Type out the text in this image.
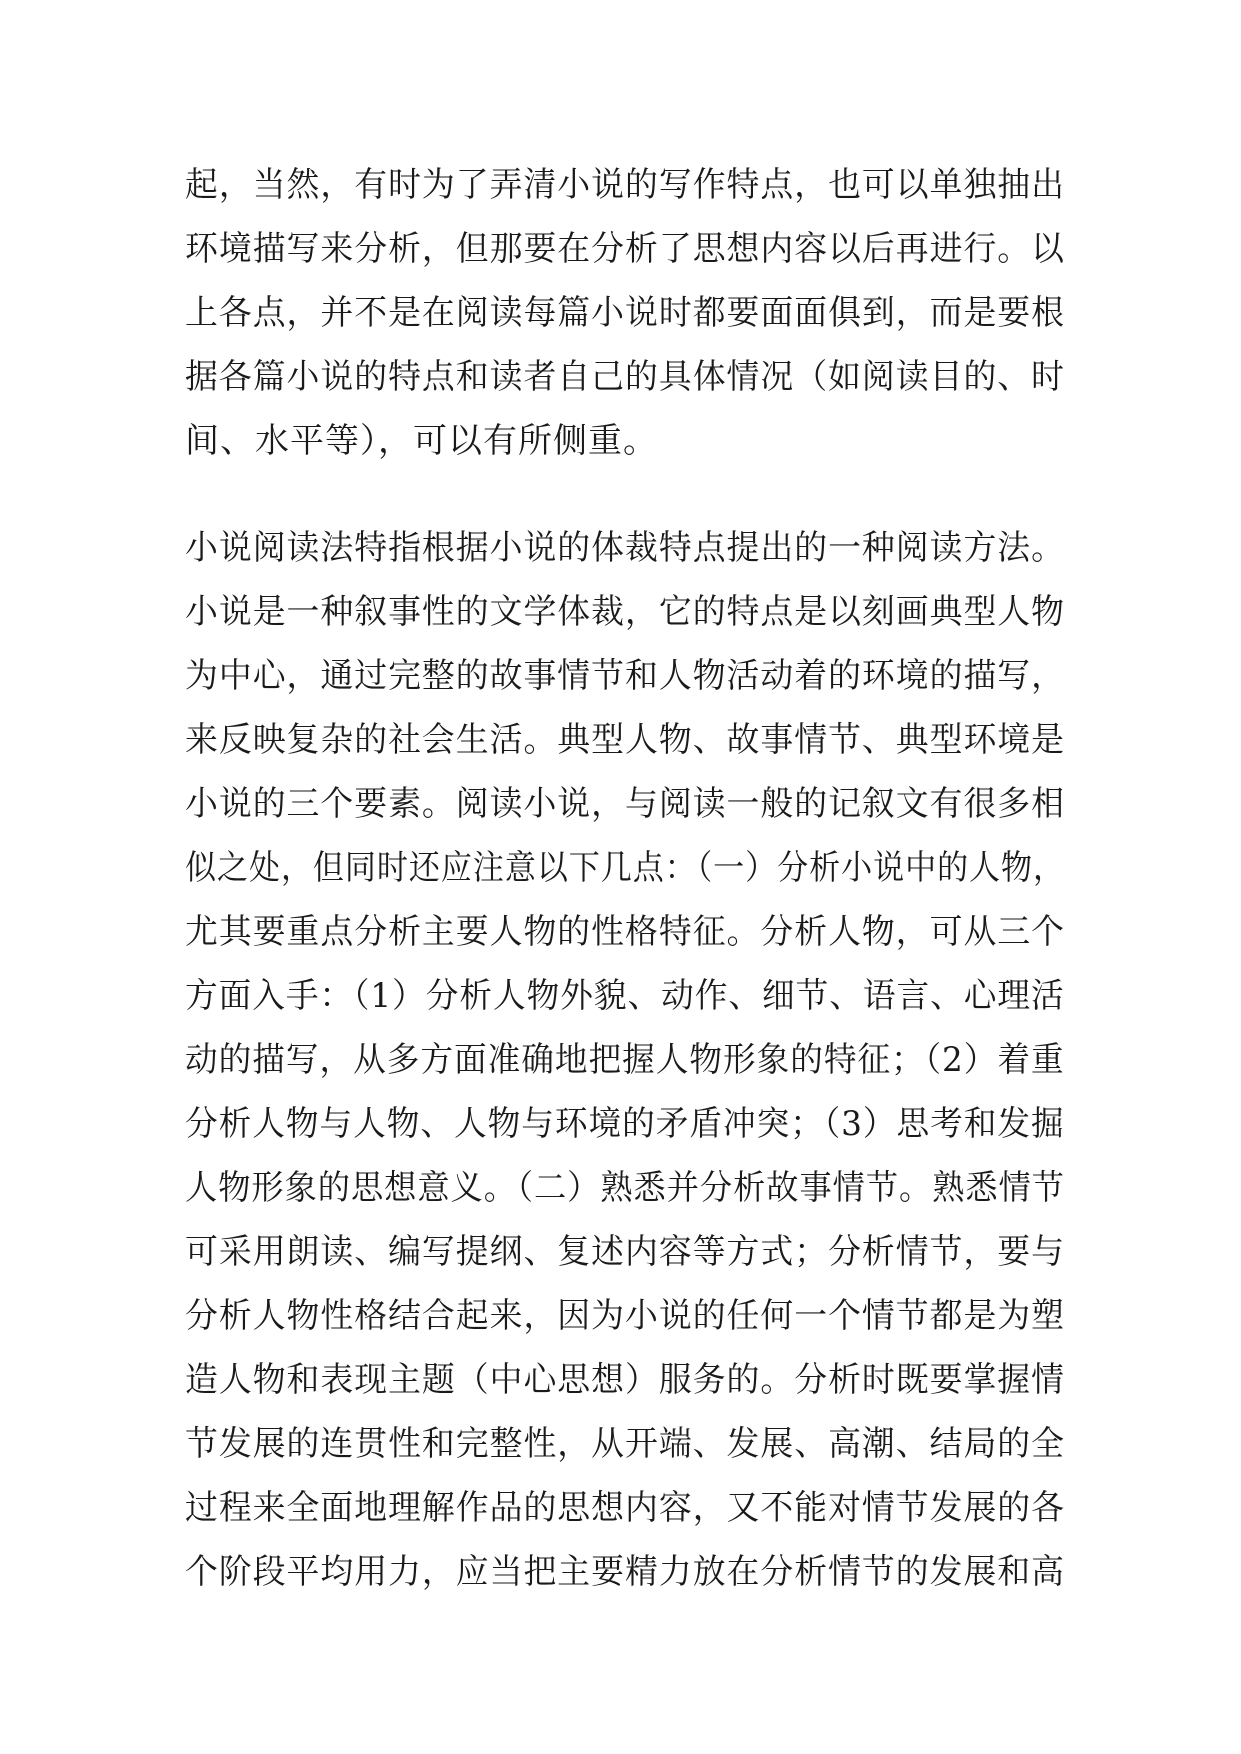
起，当然，有时为了弄清小说的写作特点，也可以单独抽出
环境描写来分析，但那要在分析了思想内容以后再进行。以
上各点，并不是在阅读每篇小说时都要面面俱到，而是要根
据各篇小说的特点和读者自己的具体情况（如阅读目的、时
间、水平等），可以有所侧重。
小说阅读法特指根据小说的体裁特点提出的一种阅读方法。
小说是一种叙事性的文学体裁，它的特点是以刻画典型人物
为中心，通过完整的故事情节和人物活动着的环境的描写，
来反映复杂的社会生活。典型人物、故事情节、典型环境是
小说的三个要素。阅读小说，与阅读一般的记叙文有很多相
似之处，但同时还应注意以下几点：（一）分析小说中的人物，
尤其要重点分析主要人物的性格特征。分析人物，可从三个
方面入手：（1）分析人物外貌、动作、细节、语言、心理活
动的描写，从多方面准确地把握人物形象的特征；（2）着重
分析人物与人物、人物与环境的矛盾冲突；（3）思考和发掘
人物形象的思想意义。（二）熟悉并分析故事情节。熟悉情节
可采用朗读、编写提纲、复述内容等方式；分析情节，要与
分析人物性格结合起来，因为小说的任何一个情节都是为塑
造人物和表现主题（中心思想）服务的。分析时既要掌握情
节发展的连贯性和完整性，从开端、发展、高潮、结局的全
过程来全面地理解作品的思想内容，又不能对情节发展的各
个阶段平均用力，应当把主要精力放在分析情节的发展和高
